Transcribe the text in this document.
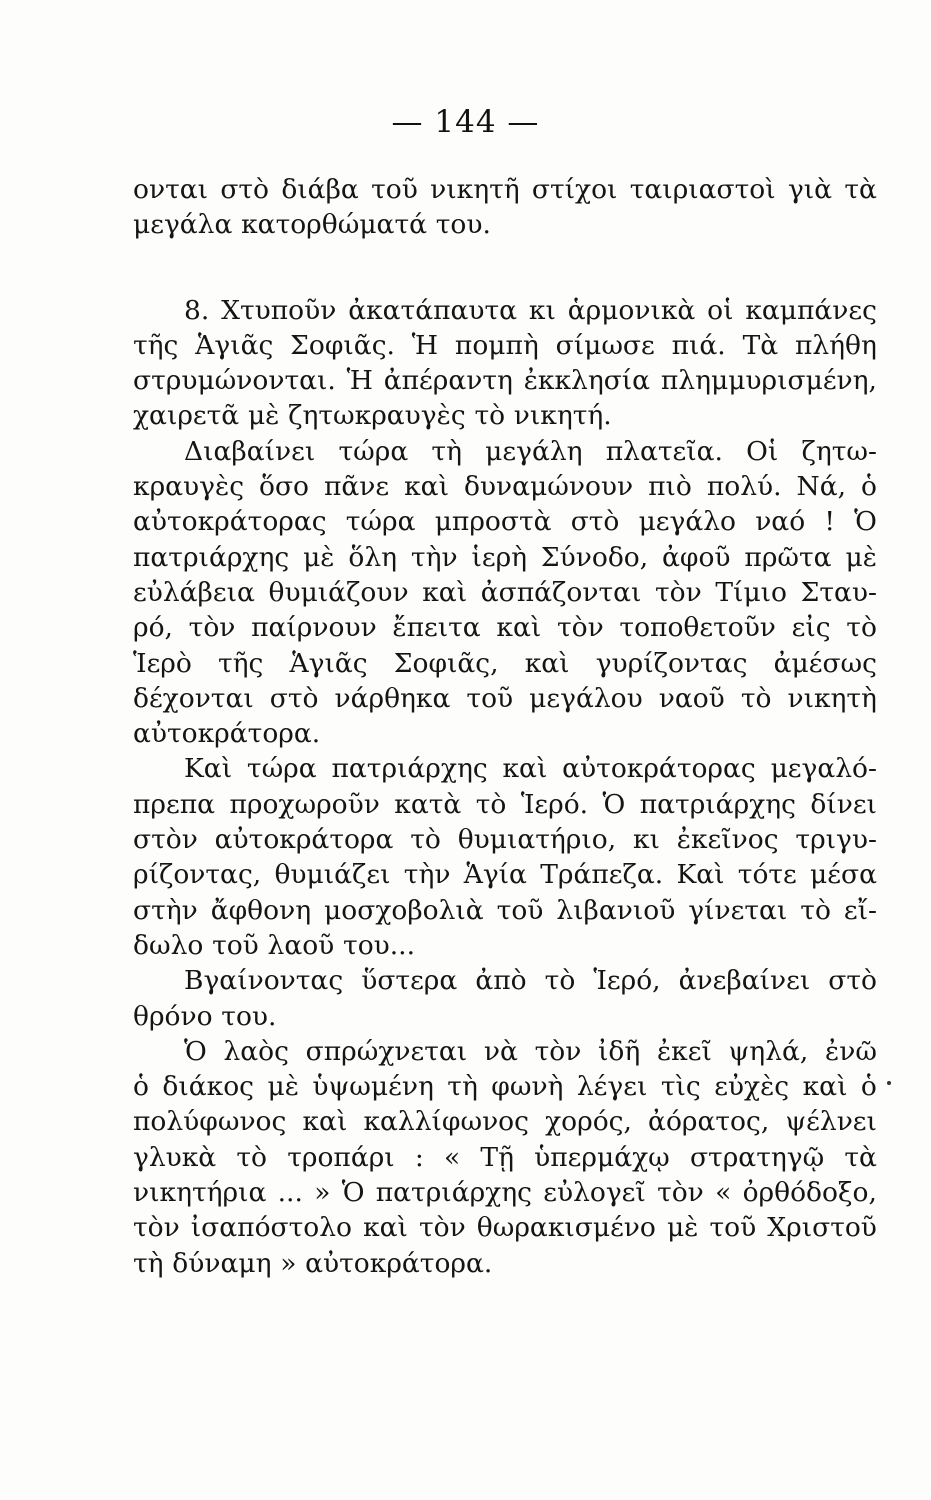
— 144 —
ονται στὸ διάβα τοῦ νικητῆ στίχοι ταιριαστοὶ γιὰ τὰ
μεγάλα κατορθώματά του.
8. Χτυποῦν ἀκατάπαυτα κι ἁρμονικὰ οἱ καμπάνες
τῆς Ἁγιᾶς Σοφιᾶς. Ἡ πομπὴ σίμωσε πιά. Τὰ πλήθη
στρυμώνονται. Ἡ ἀπέραντη ἐκκλησία πλημμυρισμένη,
χαιρετᾶ μὲ ζητωκραυγὲς τὸ νικητή.
Διαβαίνει τώρα τὴ μεγάλη πλατεῖα. Οἱ ζητω-
κραυγὲς ὅσο πᾶνε καὶ δυναμώνουν πιὸ πολύ. Νά, ὁ
αὐτοκράτορας τώρα μπροστὰ στὸ μεγάλο ναό ! Ὁ
πατριάρχης μὲ ὅλη τὴν ἱερὴ Σύνοδο, ἀφοῦ πρῶτα μὲ
εὐλάβεια θυμιάζουν καὶ ἀσπάζονται τὸν Τίμιο Σταυ-
ρό, τὸν παίρνουν ἔπειτα καὶ τὸν τοποθετοῦν εἰς τὸ
Ἱερὸ τῆς Ἁγιᾶς Σοφιᾶς, καὶ γυρίζοντας ἀμέσως
δέχονται στὸ νάρθηκα τοῦ μεγάλου ναοῦ τὸ νικητὴ
αὐτοκράτορα.
Καὶ τώρα πατριάρχης καὶ αὐτοκράτορας μεγαλό-
πρεπα προχωροῦν κατὰ τὸ Ἱερό. Ὁ πατριάρχης δίνει
στὸν αὐτοκράτορα τὸ θυμιατήριο, κι ἐκεῖνος τριγυ-
ρίζοντας, θυμιάζει τὴν Ἁγία Τράπεζα. Καὶ τότε μέσα
στὴν ἄφθονη μοσχοβολιὰ τοῦ λιβανιοῦ γίνεται τὸ εἴ-
δωλο τοῦ λαοῦ του...
Βγαίνοντας ὕστερα ἀπὸ τὸ Ἱερό, ἀνεβαίνει στὸ
θρόνο του.
Ὁ λαὸς σπρώχνεται νὰ τὸν ἰδῆ ἐκεῖ ψηλά, ἐνῶ
ὁ διάκος μὲ ὑψωμένη τὴ φωνὴ λέγει τὶς εὐχὲς καὶ ὁ
πολύφωνος καὶ καλλίφωνος χορός, ἀόρατος, ψέλνει
γλυκὰ τὸ τροπάρι : « Τῇ ὑπερμάχῳ στρατηγῷ τὰ
νικητήρια ... » Ὁ πατριάρχης εὐλογεῖ τὸν « ὀρθόδοξο,
τὸν ἰσαπόστολο καὶ τὸν θωρακισμένο μὲ τοῦ Χριστοῦ
τὴ δύναμη » αὐτοκράτορα.
